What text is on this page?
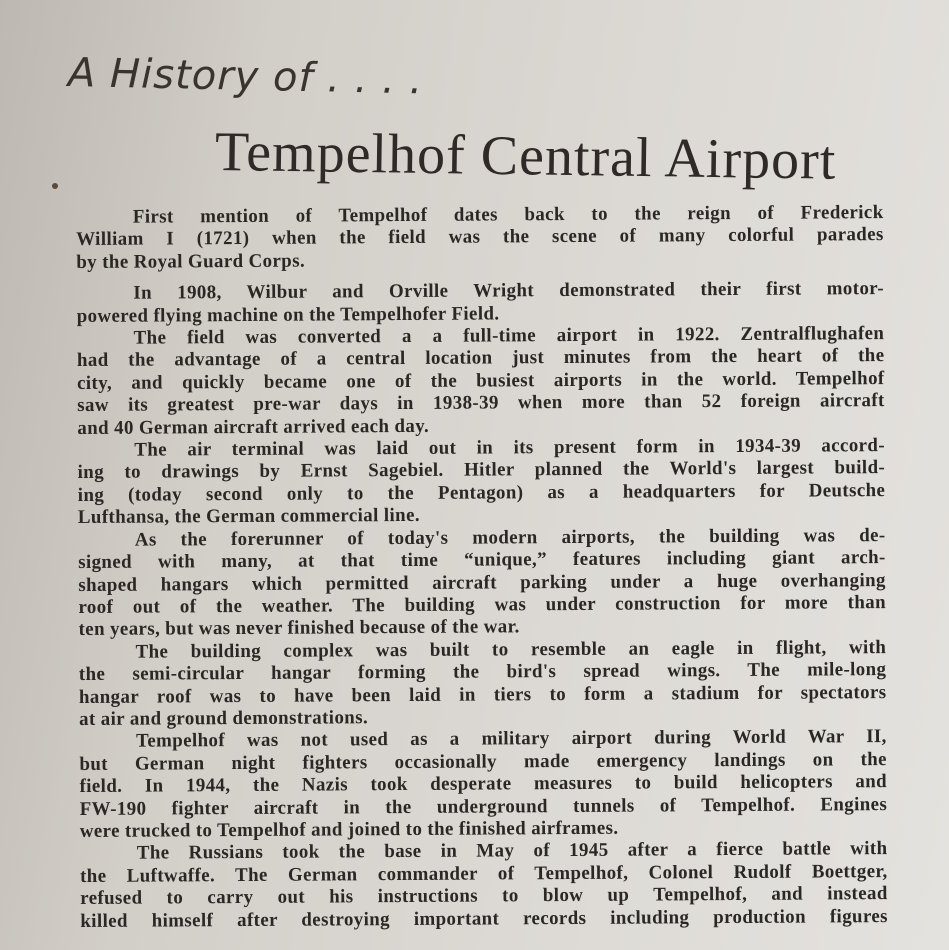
A History of . . . .
Tempelhof Central Airport
First mention of Tempelhof dates back to the reign of Frederick
William I (1721) when the field was the scene of many colorful parades
by the Royal Guard Corps.
In 1908, Wilbur and Orville Wright demonstrated their first motor-
powered flying machine on the Tempelhofer Field.
The field was converted a a full-time airport in 1922. Zentralflughafen
had the advantage of a central location just minutes from the heart of the
city, and quickly became one of the busiest airports in the world. Tempelhof
saw its greatest pre-war days in 1938-39 when more than 52 foreign aircraft
and 40 German aircraft arrived each day.
The air terminal was laid out in its present form in 1934-39 accord-
ing to drawings by Ernst Sagebiel. Hitler planned the World's largest build-
ing (today second only to the Pentagon) as a headquarters for Deutsche
Lufthansa, the German commercial line.
As the forerunner of today's modern airports, the building was de-
signed with many, at that time “unique,” features including giant arch-
shaped hangars which permitted aircraft parking under a huge overhanging
roof out of the weather. The building was under construction for more than
ten years, but was never finished because of the war.
The building complex was built to resemble an eagle in flight, with
the semi-circular hangar forming the bird's spread wings. The mile-long
hangar roof was to have been laid in tiers to form a stadium for spectators
at air and ground demonstrations.
Tempelhof was not used as a military airport during World War II,
but German night fighters occasionally made emergency landings on the
field. In 1944, the Nazis took desperate measures to build helicopters and
FW-190 fighter aircraft in the underground tunnels of Tempelhof. Engines
were trucked to Tempelhof and joined to the finished airframes.
The Russians took the base in May of 1945 after a fierce battle with
the Luftwaffe. The German commander of Tempelhof, Colonel Rudolf Boettger,
refused to carry out his instructions to blow up Tempelhof, and instead
killed himself after destroying important records including production figures
